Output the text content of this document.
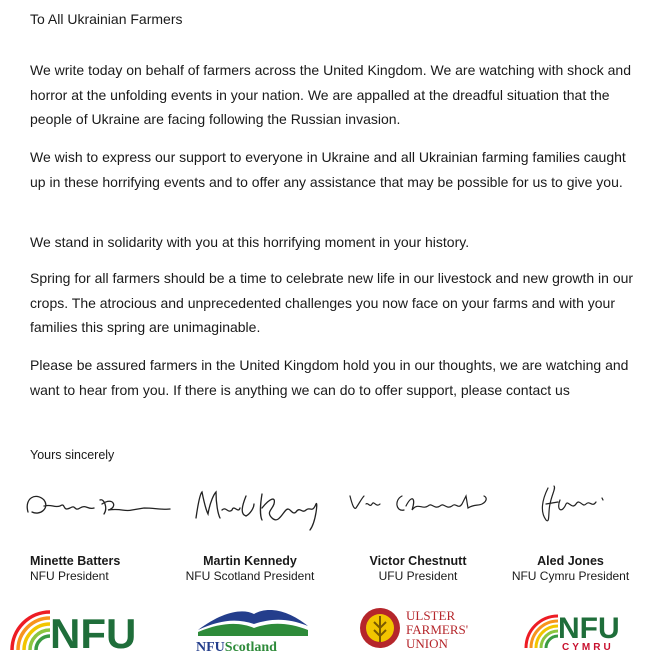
To All Ukrainian Farmers

We write today on behalf of farmers across the United Kingdom. We are watching with shock and horror at the unfolding events in your nation. We are appalled at the dreadful situation that the people of Ukraine are facing following the Russian invasion.

We wish to express our support to everyone in Ukraine and all Ukrainian farming families caught up in these horrifying events and to offer any assistance that may be possible for us to give you.

We stand in solidarity with you at this horrifying moment in your history.

Spring for all farmers should be a time to celebrate new life in our livestock and new growth in our crops. The atrocious and unprecedented challenges you now face on your farms and with your families this spring are unimaginable.

Please be assured farmers in the United Kingdom hold you in our thoughts, we are watching and want to hear from you. If there is anything we can do to offer support, please contact us

Yours sincerely
Minette Batters
NFU President
Martin Kennedy
NFU Scotland President
Victor Chestnutt
UFU President
Aled Jones
NFU Cymru President
NFU	NFUScotland
ULSTER
FARMERS'
UNION	NFU
CYMRU
